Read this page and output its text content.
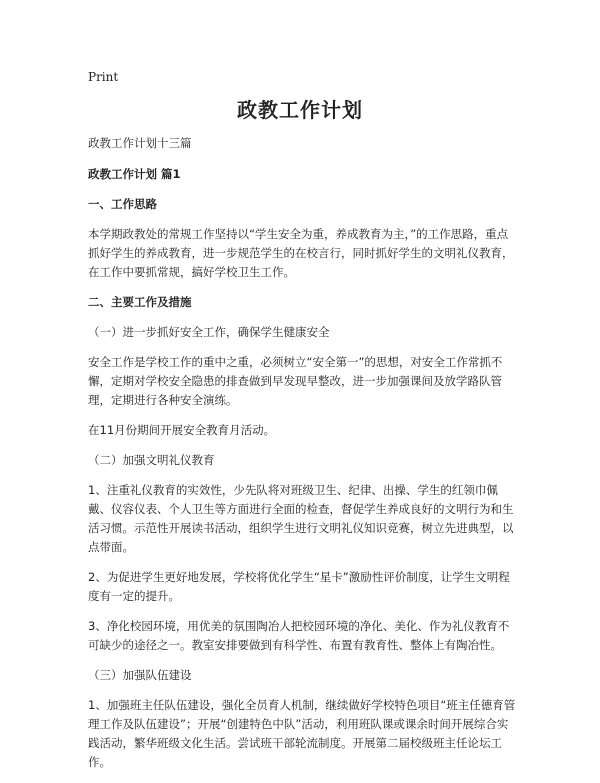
Print
政教工作计划

政教工作计划十三篇

政教工作计划 篇1

一、工作思路

本学期政教处的常规工作坚持以“学生安全为重，养成教育为主，”的工作思路，重点抓好学生的养成教育，进一步规范学生的在校言行，同时抓好学生的文明礼仪教育，在工作中要抓常规，搞好学校卫生工作。

二、主要工作及措施

（一）进一步抓好安全工作，确保学生健康安全

安全工作是学校工作的重中之重，必须树立“安全第一”的思想，对安全工作常抓不懈，定期对学校安全隐患的排查做到早发现早整改，进一步加强课间及放学路队管理，定期进行各种安全演练。

在11月份期间开展安全教育月活动。

（二）加强文明礼仪教育

1、注重礼仪教育的实效性，少先队将对班级卫生、纪律、出操、学生的红领巾佩戴、仪容仪表、个人卫生等方面进行全面的检查，督促学生养成良好的文明行为和生活习惯。示范性开展读书活动，组织学生进行文明礼仪知识竞赛，树立先进典型，以点带面。

2、为促进学生更好地发展，学校将优化学生“星卡”激励性评价制度，让学生文明程度有一定的提升。

3、净化校园环境，用优美的氛围陶冶人把校园环境的净化、美化、作为礼仪教育不可缺少的途径之一。教室安排要做到有科学性、布置有教育性、整体上有陶冶性。

（三）加强队伍建设

1、加强班主任队伍建设，强化全员育人机制，继续做好学校特色项目“班主任德育管理工作及队伍建设”；开展“创建特色中队”活动，利用班队课或课余时间开展综合实践活动，繁华班级文化生活。尝试班干部轮流制度。开展第二届校级班主任论坛工作。
